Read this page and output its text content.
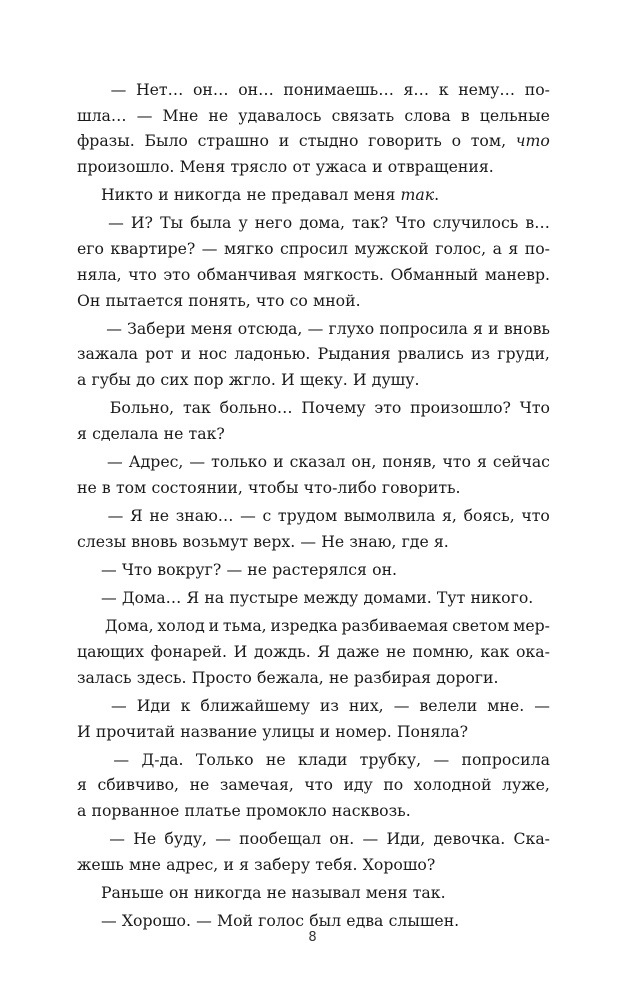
— Нет… он… он… понимаешь… я… к нему… по-
шла… — Мне не удавалось связать слова в цельные
фразы. Было страшно и стыдно говорить о том, что
произошло. Меня трясло от ужаса и отвращения.
Никто и никогда не предавал меня так.
— И? Ты была у него дома, так? Что случилось в…
его квартире? — мягко спросил мужской голос, а я по-
няла, что это обманчивая мягкость. Обманный маневр.
Он пытается понять, что со мной.
— Забери меня отсюда, — глухо попросила я и вновь
зажала рот и нос ладонью. Рыдания рвались из груди,
а губы до сих пор жгло. И щеку. И душу.
Больно, так больно… Почему это произошло? Что
я сделала не так?
— Адрес, — только и сказал он, поняв, что я сейчас
не в том состоянии, чтобы что-либо говорить.
— Я не знаю… — с трудом вымолвила я, боясь, что
слезы вновь возьмут верх. — Не знаю, где я.
— Что вокруг? — не растерялся он.
— Дома… Я на пустыре между домами. Тут никого.
Дома, холод и тьма, изредка разбиваемая светом мер-
цающих фонарей. И дождь. Я даже не помню, как ока-
залась здесь. Просто бежала, не разбирая дороги.
— Иди к ближайшему из них, — велели мне. —
И прочитай название улицы и номер. Поняла?
— Д-да. Только не клади трубку, — попросила
я сбивчиво, не замечая, что иду по холодной луже,
а порванное платье промокло насквозь.
— Не буду, — пообещал он. — Иди, девочка. Ска-
жешь мне адрес, и я заберу тебя. Хорошо?
Раньше он никогда не называл меня так.
— Хорошо. — Мой голос был едва слышен.
8
